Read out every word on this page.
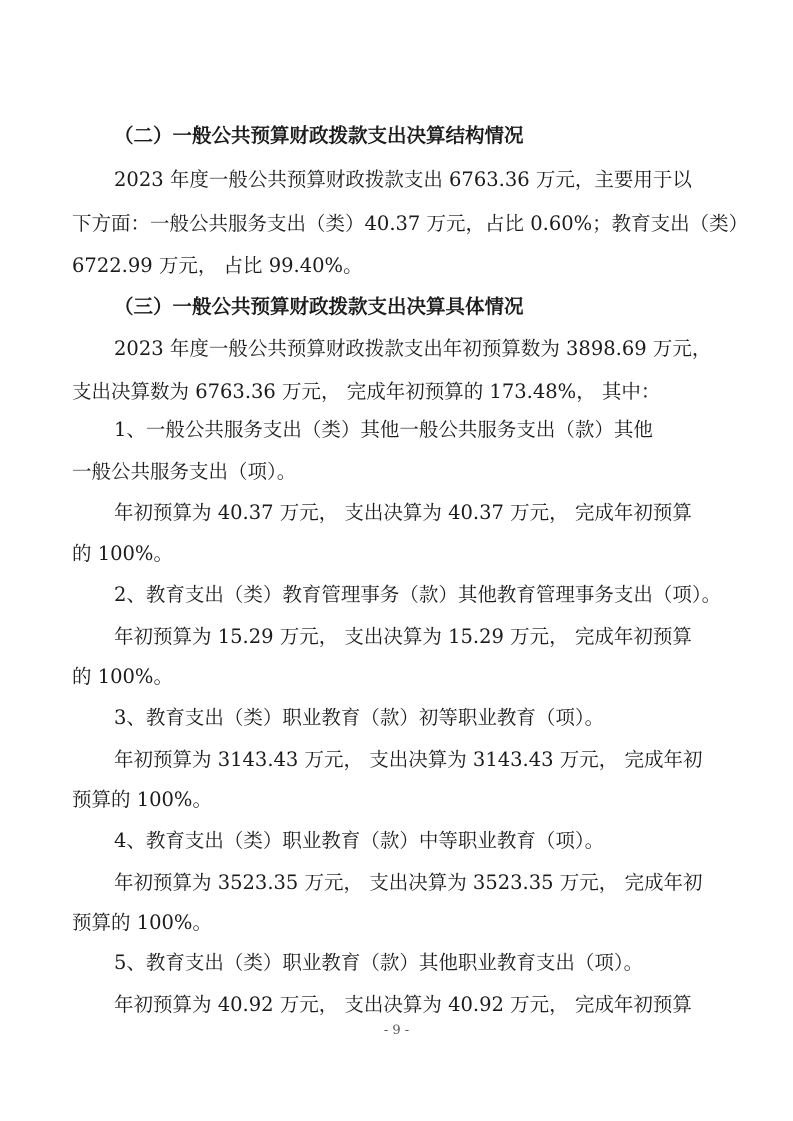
（二）一般公共预算财政拨款支出决算结构情况
2023 年度一般公共预算财政拨款支出 6763.36 万元，主要用于以
下方面：一般公共服务支出（类）40.37 万元，占比 0.60%；教育支出（类）
6722.99 万元， 占比 99.40%。
（三）一般公共预算财政拨款支出决算具体情况
2023 年度一般公共预算财政拨款支出年初预算数为 3898.69 万元，
支出决算数为 6763.36 万元， 完成年初预算的 173.48%， 其中：
1、一般公共服务支出（类）其他一般公共服务支出（款）其他
一般公共服务支出（项）。
年初预算为 40.37 万元， 支出决算为 40.37 万元， 完成年初预算
的 100%。
2、教育支出（类）教育管理事务（款）其他教育管理事务支出（项）。
年初预算为 15.29 万元， 支出决算为 15.29 万元， 完成年初预算
的 100%。
3、教育支出（类）职业教育（款）初等职业教育（项）。
年初预算为 3143.43 万元， 支出决算为 3143.43 万元， 完成年初
预算的 100%。
4、教育支出（类）职业教育（款）中等职业教育（项）。
年初预算为 3523.35 万元， 支出决算为 3523.35 万元， 完成年初
预算的 100%。
5、教育支出（类）职业教育（款）其他职业教育支出（项）。
年初预算为 40.92 万元， 支出决算为 40.92 万元， 完成年初预算
- 9 -
